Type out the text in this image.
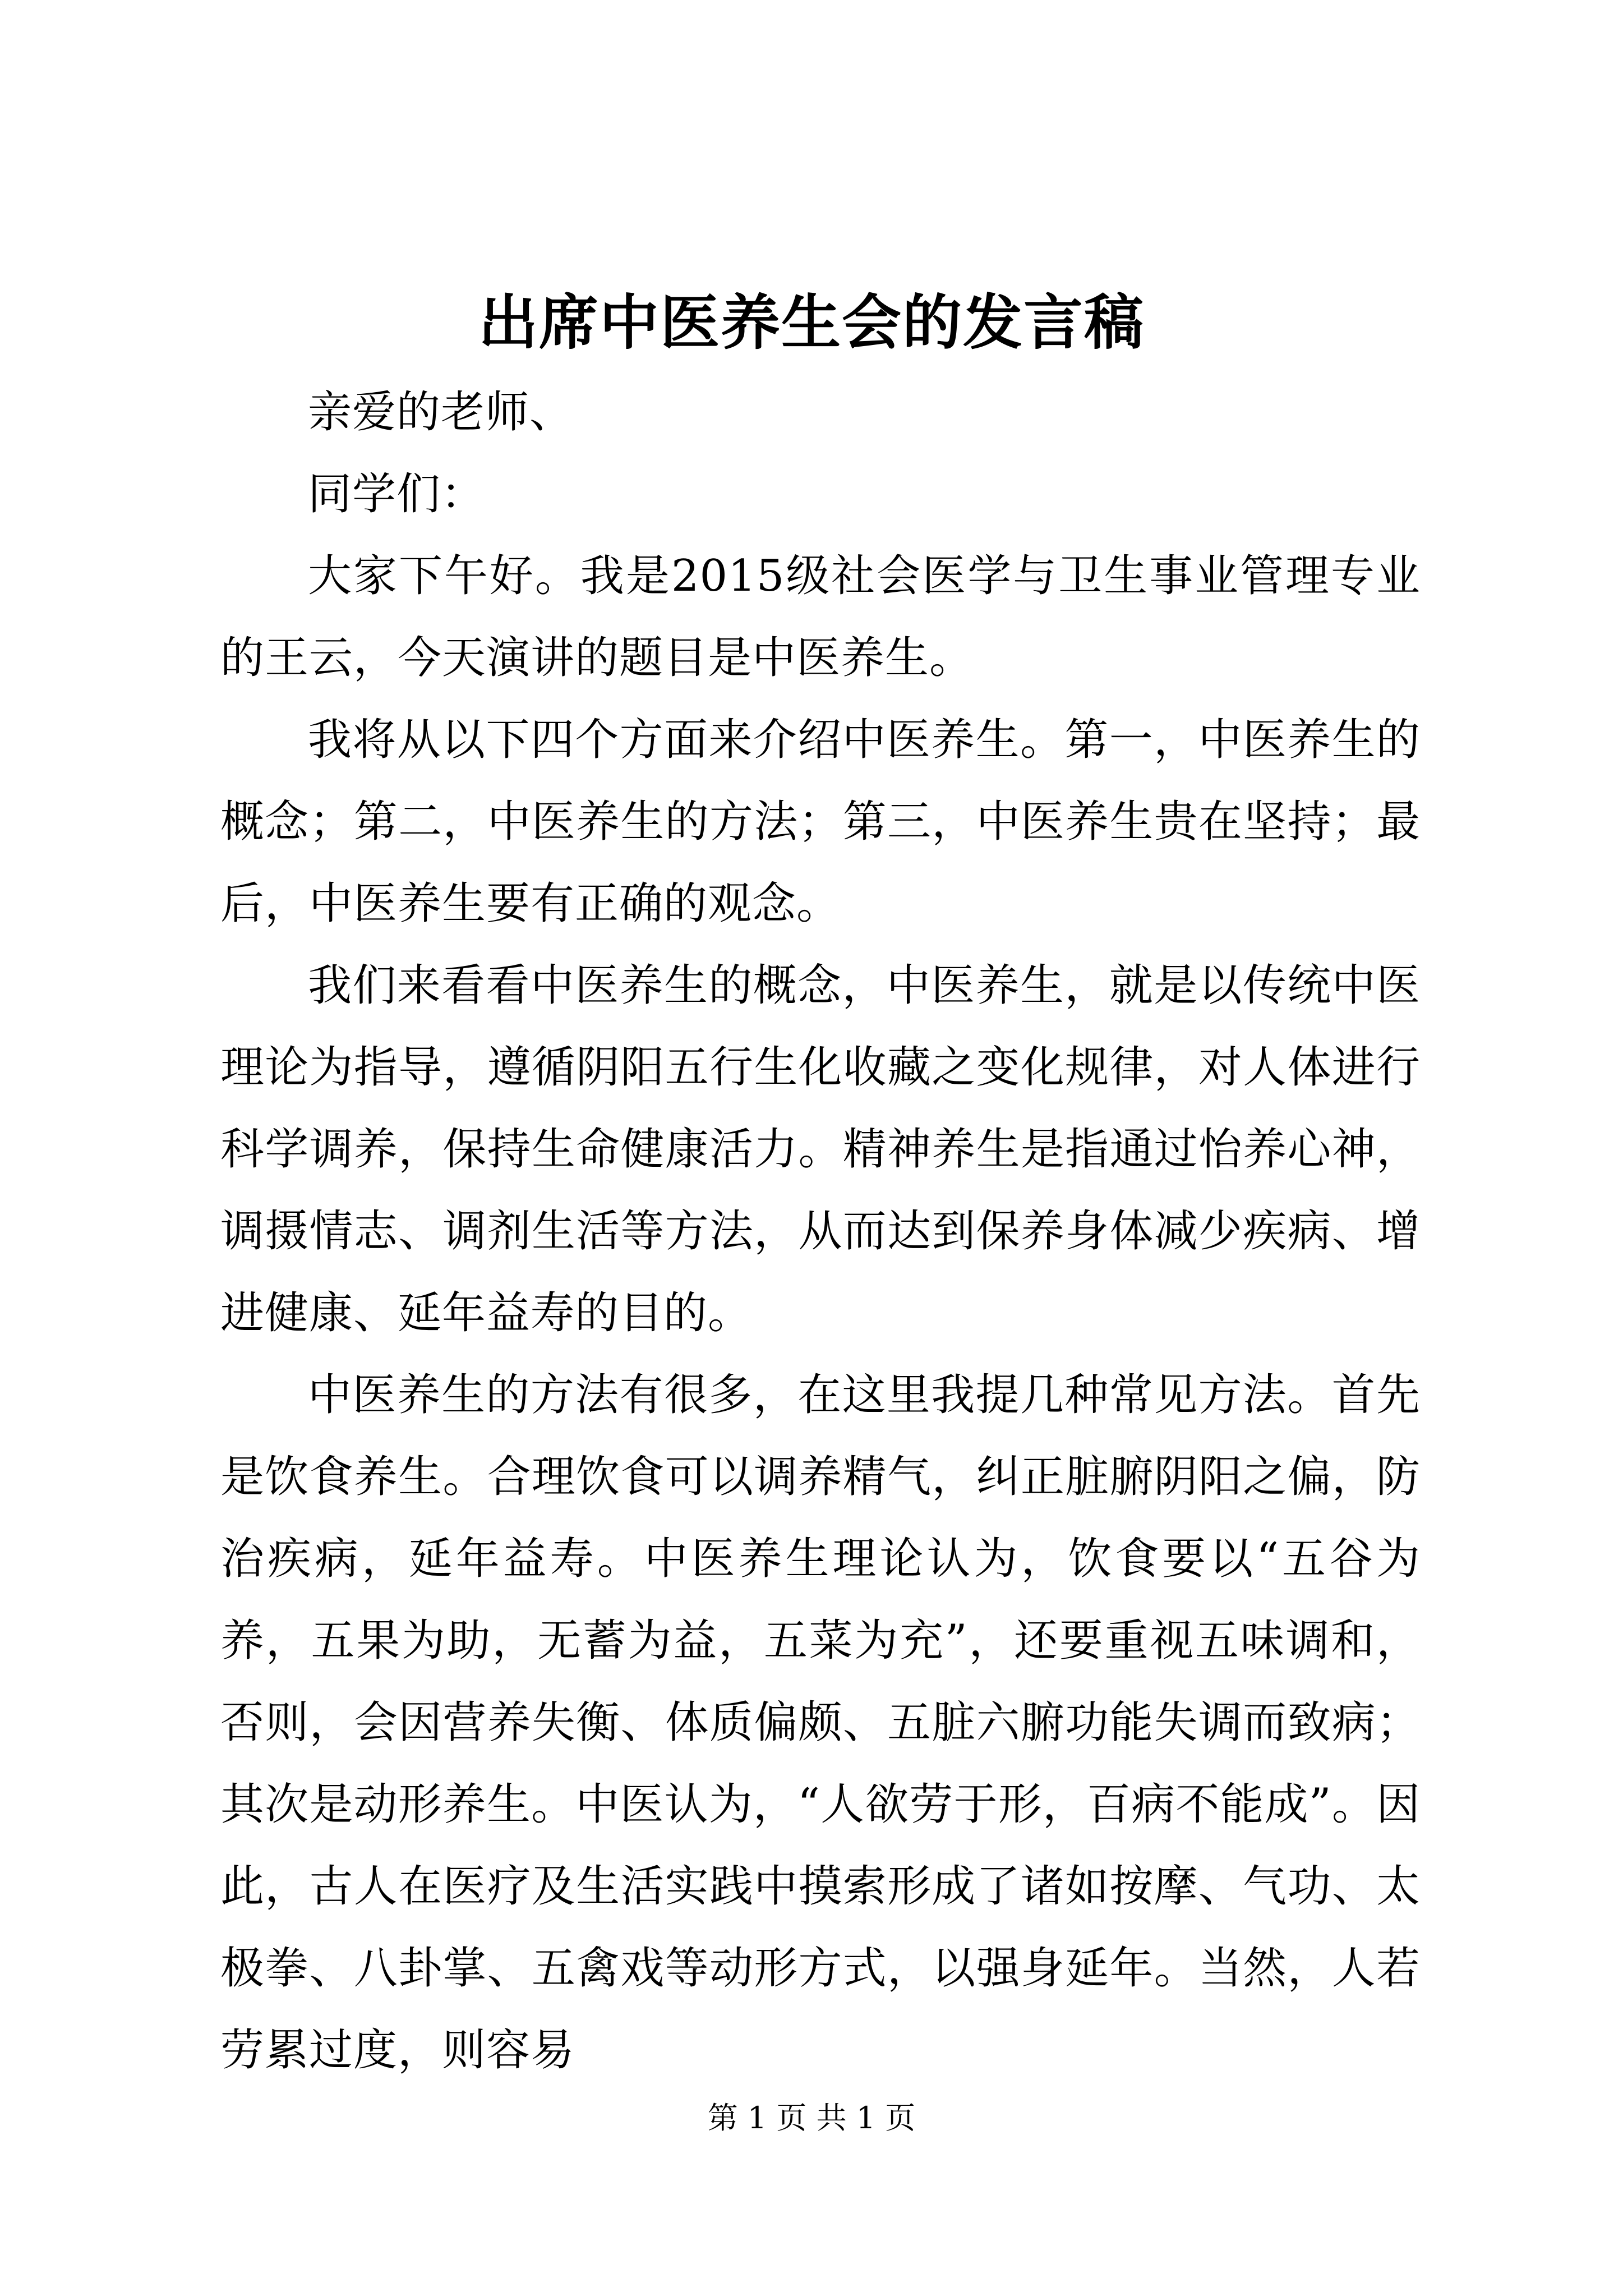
出席中医养生会的发言稿

亲爱的老师、

同学们：

大家下午好。我是2015级社会医学与卫生事业管理专业的王云，今天演讲的题目是中医养生。

我将从以下四个方面来介绍中医养生。第一，中医养生的概念；第二，中医养生的方法；第三，中医养生贵在坚持；最后，中医养生要有正确的观念。

我们来看看中医养生的概念，中医养生，就是以传统中医理论为指导，遵循阴阳五行生化收藏之变化规律，对人体进行科学调养，保持生命健康活力。精神养生是指通过怡养心神，调摄情志、调剂生活等方法，从而达到保养身体减少疾病、增进健康、延年益寿的目的。

中医养生的方法有很多，在这里我提几种常见方法。首先是饮食养生。合理饮食可以调养精气，纠正脏腑阴阳之偏，防治疾病，延年益寿。中医养生理论认为，饮食要以“五谷为养，五果为助，无蓄为益，五菜为充”，还要重视五味调和，否则，会因营养失衡、体质偏颇、五脏六腑功能失调而致病；其次是动形养生。中医认为，“人欲劳于形，百病不能成”。因此，古人在医疗及生活实践中摸索形成了诸如按摩、气功、太极拳、八卦掌、五禽戏等动形方式，以强身延年。当然，人若劳累过度，则容易

第 1 页 共 1 页
